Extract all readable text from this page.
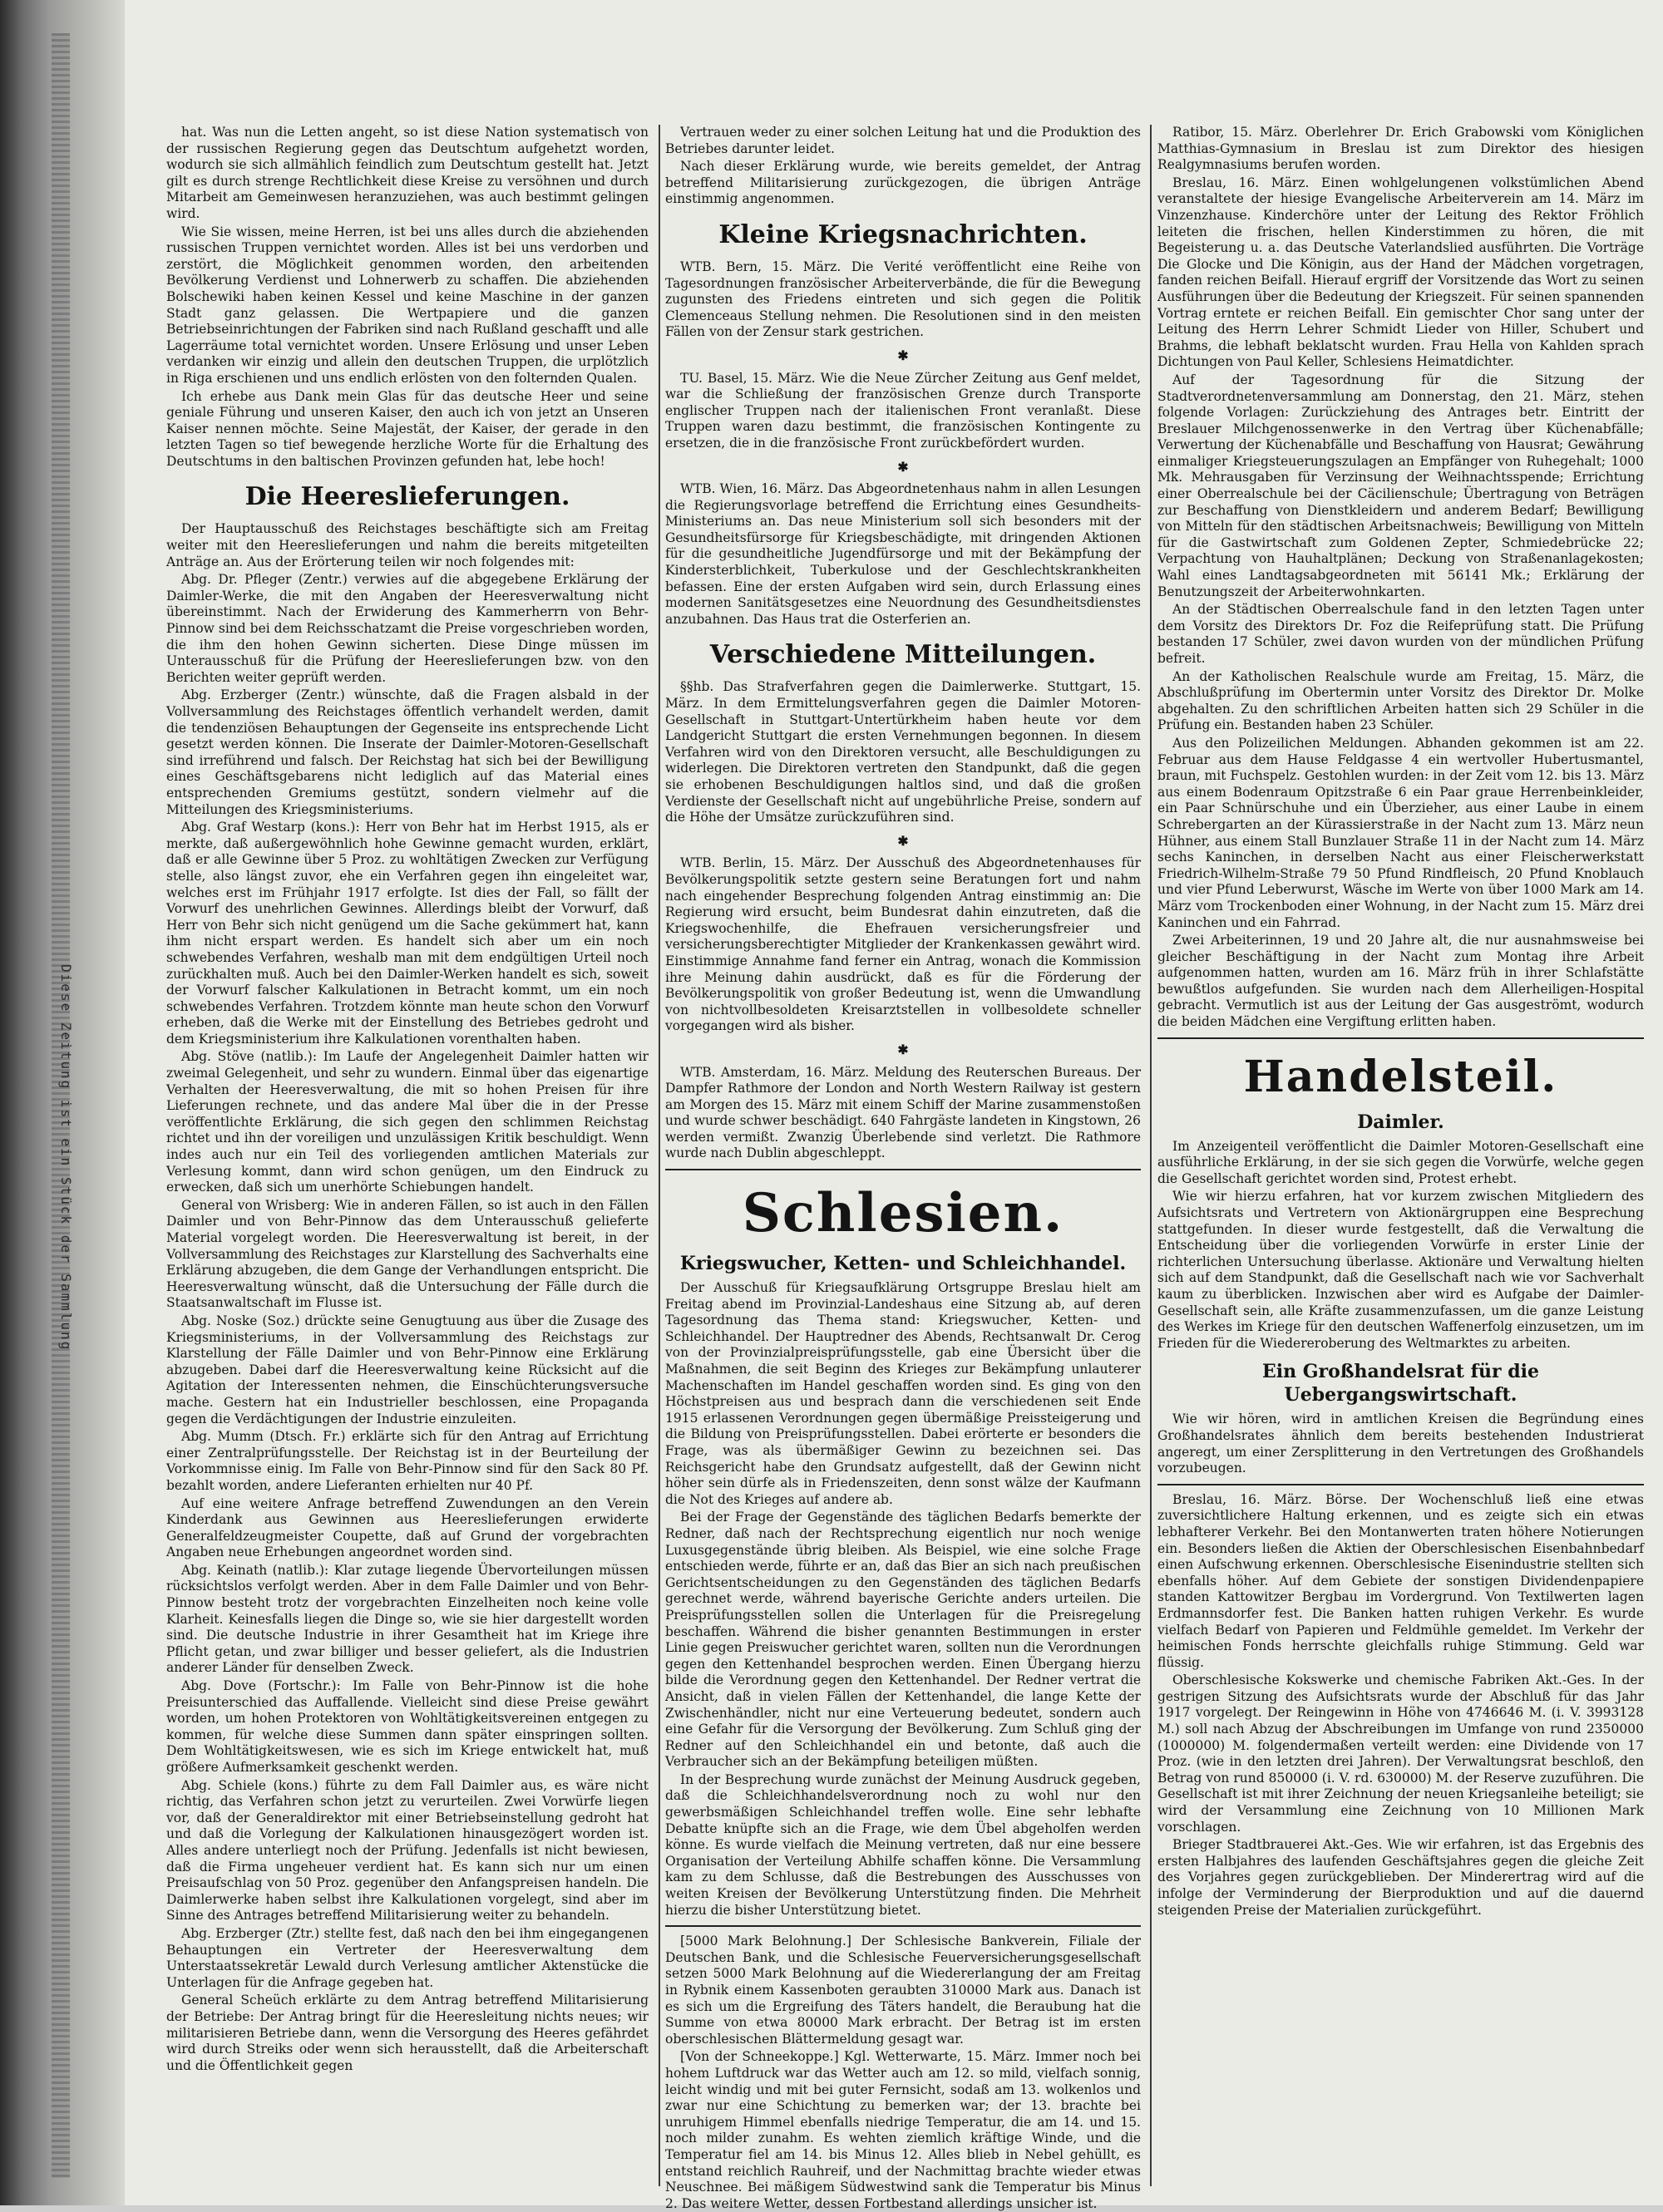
Diese Zeitung ist ein Stück der Sammlung

hat. Was nun die Letten angeht, so ist diese Nation systematisch von der russischen Regierung gegen das Deutschtum aufgehetzt worden, wodurch sie sich allmählich feindlich zum Deutschtum gestellt hat. Jetzt gilt es durch strenge Rechtlichkeit diese Kreise zu versöhnen und durch Mitarbeit am Gemeinwesen heranzuziehen, was auch bestimmt gelingen wird.

Wie Sie wissen, meine Herren, ist bei uns alles durch die abziehenden russischen Truppen vernichtet worden. Alles ist bei uns verdorben und zerstört, die Möglichkeit genommen worden, den arbeitenden Bevölkerung Verdienst und Lohnerwerb zu schaffen. Die abziehenden Bolschewiki haben keinen Kessel und keine Maschine in der ganzen Stadt ganz gelassen. Die Wertpapiere und die ganzen Betriebseinrichtungen der Fabriken sind nach Rußland geschafft und alle Lagerräume total vernichtet worden. Unsere Erlösung und unser Leben verdanken wir einzig und allein den deutschen Truppen, die urplötzlich in Riga erschienen und uns endlich erlösten von den folternden Qualen.

Ich erhebe aus Dank mein Glas für das deutsche Heer und seine geniale Führung und unseren Kaiser, den auch ich von jetzt an Unseren Kaiser nennen möchte. Seine Majestät, der Kaiser, der gerade in den letzten Tagen so tief bewegende herzliche Worte für die Erhaltung des Deutschtums in den baltischen Provinzen gefunden hat, lebe hoch!

Die Heereslieferungen.

Der Hauptausschuß des Reichstages beschäftigte sich am Freitag weiter mit den Heereslieferungen und nahm die bereits mitgeteilten Anträge an. Aus der Erörterung teilen wir noch folgendes mit:

Abg. Dr. Pfleger (Zentr.) verwies auf die abgegebene Erklärung der Daimler-Werke, die mit den Angaben der Heeresverwaltung nicht übereinstimmt. Nach der Erwiderung des Kammerherrn von Behr-Pinnow sind bei dem Reichsschatzamt die Preise vorgeschrieben worden, die ihm den hohen Gewinn sicherten. Diese Dinge müssen im Unterausschuß für die Prüfung der Heereslieferungen bzw. von den Berichten weiter geprüft werden.

Abg. Erzberger (Zentr.) wünschte, daß die Fragen alsbald in der Vollversammlung des Reichstages öffentlich verhandelt werden, damit die tendenziösen Behauptungen der Gegenseite ins entsprechende Licht gesetzt werden können. Die Inserate der Daimler-Motoren-Gesellschaft sind irreführend und falsch. Der Reichstag hat sich bei der Bewilligung eines Geschäftsgebarens nicht lediglich auf das Material eines entsprechenden Gremiums gestützt, sondern vielmehr auf die Mitteilungen des Kriegsministeriums.

Abg. Graf Westarp (kons.): Herr von Behr hat im Herbst 1915, als er merkte, daß außergewöhnlich hohe Gewinne gemacht wurden, erklärt, daß er alle Gewinne über 5 Proz. zu wohltätigen Zwecken zur Verfügung stelle, also längst zuvor, ehe ein Verfahren gegen ihn eingeleitet war, welches erst im Frühjahr 1917 erfolgte. Ist dies der Fall, so fällt der Vorwurf des unehrlichen Gewinnes. Allerdings bleibt der Vorwurf, daß Herr von Behr sich nicht genügend um die Sache gekümmert hat, kann ihm nicht erspart werden. Es handelt sich aber um ein noch schwebendes Verfahren, weshalb man mit dem endgültigen Urteil noch zurückhalten muß. Auch bei den Daimler-Werken handelt es sich, soweit der Vorwurf falscher Kalkulationen in Betracht kommt, um ein noch schwebendes Verfahren. Trotzdem könnte man heute schon den Vorwurf erheben, daß die Werke mit der Einstellung des Betriebes gedroht und dem Kriegsministerium ihre Kalkulationen vorenthalten haben.

Abg. Stöve (natlib.): Im Laufe der Angelegenheit Daimler hatten wir zweimal Gelegenheit, und sehr zu wundern. Einmal über das eigenartige Verhalten der Heeresverwaltung, die mit so hohen Preisen für ihre Lieferungen rechnete, und das andere Mal über die in der Presse veröffentlichte Erklärung, die sich gegen den schlimmen Reichstag richtet und ihn der voreiligen und unzulässigen Kritik beschuldigt. Wenn indes auch nur ein Teil des vorliegenden amtlichen Materials zur Verlesung kommt, dann wird schon genügen, um den Eindruck zu erwecken, daß sich um unerhörte Schiebungen handelt.

General von Wrisberg: Wie in anderen Fällen, so ist auch in den Fällen Daimler und von Behr-Pinnow das dem Unterausschuß gelieferte Material vorgelegt worden. Die Heeresverwaltung ist bereit, in der Vollversammlung des Reichstages zur Klarstellung des Sachverhalts eine Erklärung abzugeben, die dem Gange der Verhandlungen entspricht. Die Heeresverwaltung wünscht, daß die Untersuchung der Fälle durch die Staatsanwaltschaft im Flusse ist.

Abg. Noske (Soz.) drückte seine Genugtuung aus über die Zusage des Kriegsministeriums, in der Vollversammlung des Reichstags zur Klarstellung der Fälle Daimler und von Behr-Pinnow eine Erklärung abzugeben. Dabei darf die Heeresverwaltung keine Rücksicht auf die Agitation der Interessenten nehmen, die Einschüchterungsversuche mache. Gestern hat ein Industrieller beschlossen, eine Propaganda gegen die Verdächtigungen der Industrie einzuleiten.

Abg. Mumm (Dtsch. Fr.) erklärte sich für den Antrag auf Errichtung einer Zentralprüfungsstelle. Der Reichstag ist in der Beurteilung der Vorkommnisse einig. Im Falle von Behr-Pinnow sind für den Sack 80 Pf. bezahlt worden, andere Lieferanten erhielten nur 40 Pf.

Auf eine weitere Anfrage betreffend Zuwendungen an den Verein Kinderdank aus Gewinnen aus Heereslieferungen erwiderte Generalfeldzeugmeister Coupette, daß auf Grund der vorgebrachten Angaben neue Erhebungen angeordnet worden sind.

Abg. Keinath (natlib.): Klar zutage liegende Übervorteilungen müssen rücksichtslos verfolgt werden. Aber in dem Falle Daimler und von Behr-Pinnow besteht trotz der vorgebrachten Einzelheiten noch keine volle Klarheit. Keinesfalls liegen die Dinge so, wie sie hier dargestellt worden sind. Die deutsche Industrie in ihrer Gesamtheit hat im Kriege ihre Pflicht getan, und zwar billiger und besser geliefert, als die Industrien anderer Länder für denselben Zweck.

Abg. Dove (Fortschr.): Im Falle von Behr-Pinnow ist die hohe Preisunterschied das Auffallende. Vielleicht sind diese Preise gewährt worden, um hohen Protektoren von Wohltätigkeitsvereinen entgegen zu kommen, für welche diese Summen dann später einspringen sollten. Dem Wohltätigkeitswesen, wie es sich im Kriege entwickelt hat, muß größere Aufmerksamkeit geschenkt werden.

Abg. Schiele (kons.) führte zu dem Fall Daimler aus, es wäre nicht richtig, das Verfahren schon jetzt zu verurteilen. Zwei Vorwürfe liegen vor, daß der Generaldirektor mit einer Betriebseinstellung gedroht hat und daß die Vorlegung der Kalkulationen hinausgezögert worden ist. Alles andere unterliegt noch der Prüfung. Jedenfalls ist nicht bewiesen, daß die Firma ungeheuer verdient hat. Es kann sich nur um einen Preisaufschlag von 50 Proz. gegenüber den Anfangspreisen handeln. Die Daimlerwerke haben selbst ihre Kalkulationen vorgelegt, sind aber im Sinne des Antrages betreffend Militarisierung weiter zu behandeln.

Abg. Erzberger (Ztr.) stellte fest, daß nach den bei ihm eingegangenen Behauptungen ein Vertreter der Heeresverwaltung dem Unterstaatssekretär Lewald durch Verlesung amtlicher Aktenstücke die Unterlagen für die Anfrage gegeben hat.

General Scheüch erklärte zu dem Antrag betreffend Militarisierung der Betriebe: Der Antrag bringt für die Heeresleitung nichts neues; wir militarisieren Betriebe dann, wenn die Versorgung des Heeres gefährdet wird durch Streiks oder wenn sich herausstellt, daß die Arbeiterschaft und die Öffentlichkeit gegen

Vertrauen weder zu einer solchen Leitung hat und die Produktion des Betriebes darunter leidet.

Nach dieser Erklärung wurde, wie bereits gemeldet, der Antrag betreffend Militarisierung zurückgezogen, die übrigen Anträge einstimmig angenommen.

Kleine Kriegsnachrichten.

WTB. Bern, 15. März. Die Verité veröffentlicht eine Reihe von Tagesordnungen französischer Arbeiterverbände, die für die Bewegung zugunsten des Friedens eintreten und sich gegen die Politik Clemenceaus Stellung nehmen. Die Resolutionen sind in den meisten Fällen von der Zensur stark gestrichen.

✱

TU. Basel, 15. März. Wie die Neue Zürcher Zeitung aus Genf meldet, war die Schließung der französischen Grenze durch Transporte englischer Truppen nach der italienischen Front veranlaßt. Diese Truppen waren dazu bestimmt, die französischen Kontingente zu ersetzen, die in die französische Front zurückbefördert wurden.

✱

WTB. Wien, 16. März. Das Abgeordnetenhaus nahm in allen Lesungen die Regierungsvorlage betreffend die Errichtung eines Gesundheits-Ministeriums an. Das neue Ministerium soll sich besonders mit der Gesundheitsfürsorge für Kriegsbeschädigte, mit dringenden Aktionen für die gesundheitliche Jugendfürsorge und mit der Bekämpfung der Kindersterblichkeit, Tuberkulose und der Geschlechtskrankheiten befassen. Eine der ersten Aufgaben wird sein, durch Erlassung eines modernen Sanitätsgesetzes eine Neuordnung des Gesundheitsdienstes anzubahnen. Das Haus trat die Osterferien an.

Verschiedene Mitteilungen.

§§hb. Das Strafverfahren gegen die Daimlerwerke. Stuttgart, 15. März. In dem Ermittelungsverfahren gegen die Daimler Motoren-Gesellschaft in Stuttgart-Untertürkheim haben heute vor dem Landgericht Stuttgart die ersten Vernehmungen begonnen. In diesem Verfahren wird von den Direktoren versucht, alle Beschuldigungen zu widerlegen. Die Direktoren vertreten den Standpunkt, daß die gegen sie erhobenen Beschuldigungen haltlos sind, und daß die großen Verdienste der Gesellschaft nicht auf ungebührliche Preise, sondern auf die Höhe der Umsätze zurückzuführen sind.

✱

WTB. Berlin, 15. März. Der Ausschuß des Abgeordnetenhauses für Bevölkerungspolitik setzte gestern seine Beratungen fort und nahm nach eingehender Besprechung folgenden Antrag einstimmig an: Die Regierung wird ersucht, beim Bundesrat dahin einzutreten, daß die Kriegswochenhilfe, die Ehefrauen versicherungsfreier und versicherungsberechtigter Mitglieder der Krankenkassen gewährt wird. Einstimmige Annahme fand ferner ein Antrag, wonach die Kommission ihre Meinung dahin ausdrückt, daß es für die Förderung der Bevölkerungspolitik von großer Bedeutung ist, wenn die Umwandlung von nichtvollbesoldeten Kreisarztstellen in vollbesoldete schneller vorgegangen wird als bisher.

✱

WTB. Amsterdam, 16. März. Meldung des Reuterschen Bureaus. Der Dampfer Rathmore der London and North Western Railway ist gestern am Morgen des 15. März mit einem Schiff der Marine zusammenstoßen und wurde schwer beschädigt. 640 Fahrgäste landeten in Kingstown, 26 werden vermißt. Zwanzig Überlebende sind verletzt. Die Rathmore wurde nach Dublin abgeschleppt.

Schlesien.
Kriegswucher, Ketten- und Schleichhandel.

Der Ausschuß für Kriegsaufklärung Ortsgruppe Breslau hielt am Freitag abend im Provinzial-Landeshaus eine Sitzung ab, auf deren Tagesordnung das Thema stand: Kriegswucher, Ketten- und Schleichhandel. Der Hauptredner des Abends, Rechtsanwalt Dr. Cerog von der Provinzialpreisprüfungsstelle, gab eine Übersicht über die Maßnahmen, die seit Beginn des Krieges zur Bekämpfung unlauterer Machenschaften im Handel geschaffen worden sind. Es ging von den Höchstpreisen aus und besprach dann die verschiedenen seit Ende 1915 erlassenen Verordnungen gegen übermäßige Preissteigerung und die Bildung von Preisprüfungsstellen. Dabei erörterte er besonders die Frage, was als übermäßiger Gewinn zu bezeichnen sei. Das Reichsgericht habe den Grundsatz aufgestellt, daß der Gewinn nicht höher sein dürfe als in Friedenszeiten, denn sonst wälze der Kaufmann die Not des Krieges auf andere ab.

Bei der Frage der Gegenstände des täglichen Bedarfs bemerkte der Redner, daß nach der Rechtsprechung eigentlich nur noch wenige Luxusgegenstände übrig bleiben. Als Beispiel, wie eine solche Frage entschieden werde, führte er an, daß das Bier an sich nach preußischen Gerichtsentscheidungen zu den Gegenständen des täglichen Bedarfs gerechnet werde, während bayerische Gerichte anders urteilen. Die Preisprüfungsstellen sollen die Unterlagen für die Preisregelung beschaffen. Während die bisher genannten Bestimmungen in erster Linie gegen Preiswucher gerichtet waren, sollten nun die Verordnungen gegen den Kettenhandel besprochen werden. Einen Übergang hierzu bilde die Verordnung gegen den Kettenhandel. Der Redner vertrat die Ansicht, daß in vielen Fällen der Kettenhandel, die lange Kette der Zwischenhändler, nicht nur eine Verteuerung bedeutet, sondern auch eine Gefahr für die Versorgung der Bevölkerung. Zum Schluß ging der Redner auf den Schleichhandel ein und betonte, daß auch die Verbraucher sich an der Bekämpfung beteiligen müßten.

In der Besprechung wurde zunächst der Meinung Ausdruck gegeben, daß die Schleichhandelsverordnung noch zu wohl nur den gewerbsmäßigen Schleichhandel treffen wolle. Eine sehr lebhafte Debatte knüpfte sich an die Frage, wie dem Übel abgeholfen werden könne. Es wurde vielfach die Meinung vertreten, daß nur eine bessere Organisation der Verteilung Abhilfe schaffen könne. Die Versammlung kam zu dem Schlusse, daß die Bestrebungen des Ausschusses von weiten Kreisen der Bevölkerung Unterstützung finden. Die Mehrheit hierzu die bisher Unterstützung bietet.

[5000 Mark Belohnung.] Der Schlesische Bankverein, Filiale der Deutschen Bank, und die Schlesische Feuerversicherungsgesellschaft setzen 5000 Mark Belohnung auf die Wiedererlangung der am Freitag in Rybnik einem Kassenboten geraubten 310000 Mark aus. Danach ist es sich um die Ergreifung des Täters handelt, die Beraubung hat die Summe von etwa 80000 Mark erbracht. Der Betrag ist im ersten oberschlesischen Blättermeldung gesagt war.

[Von der Schneekoppe.] Kgl. Wetterwarte, 15. März. Immer noch bei hohem Luftdruck war das Wetter auch am 12. so mild, vielfach sonnig, leicht windig und mit bei guter Fernsicht, sodaß am 13. wolkenlos und zwar nur eine Schichtung zu bemerken war; der 13. brachte bei unruhigem Himmel ebenfalls niedrige Temperatur, die am 14. und 15. noch milder zunahm. Es wehten ziemlich kräftige Winde, und die Temperatur fiel am 14. bis Minus 12. Alles blieb in Nebel gehüllt, es entstand reichlich Rauhreif, und der Nachmittag brachte wieder etwas Neuschnee. Bei mäßigem Südwestwind sank die Temperatur bis Minus 2. Das weitere Wetter, dessen Fortbestand allerdings unsicher ist.

Ratibor, 15. März. Oberlehrer Dr. Erich Grabowski vom Königlichen Matthias-Gymnasium in Breslau ist zum Direktor des hiesigen Realgymnasiums berufen worden.

Breslau, 16. März. Einen wohlgelungenen volkstümlichen Abend veranstaltete der hiesige Evangelische Arbeiterverein am 14. März im Vinzenzhause. Kinderchöre unter der Leitung des Rektor Fröhlich leiteten die frischen, hellen Kinderstimmen zu hören, die mit Begeisterung u. a. das Deutsche Vaterlandslied ausführten. Die Vorträge Die Glocke und Die Königin, aus der Hand der Mädchen vorgetragen, fanden reichen Beifall. Hierauf ergriff der Vorsitzende das Wort zu seinen Ausführungen über die Bedeutung der Kriegszeit. Für seinen spannenden Vortrag erntete er reichen Beifall. Ein gemischter Chor sang unter der Leitung des Herrn Lehrer Schmidt Lieder von Hiller, Schubert und Brahms, die lebhaft beklatscht wurden. Frau Hella von Kahlden sprach Dichtungen von Paul Keller, Schlesiens Heimatdichter.

Auf der Tagesordnung für die Sitzung der Stadtverordnetenversammlung am Donnerstag, den 21. März, stehen folgende Vorlagen: Zurückziehung des Antrages betr. Eintritt der Breslauer Milchgenossenwerke in den Vertrag über Küchenabfälle; Verwertung der Küchenabfälle und Beschaffung von Hausrat; Gewährung einmaliger Kriegsteuerungszulagen an Empfänger von Ruhegehalt; 1000 Mk. Mehrausgaben für Verzinsung der Weihnachtsspende; Errichtung einer Oberrealschule bei der Cäcilienschule; Übertragung von Beträgen zur Beschaffung von Dienstkleidern und anderem Bedarf; Bewilligung von Mitteln für den städtischen Arbeitsnachweis; Bewilligung von Mitteln für die Gastwirtschaft zum Goldenen Zepter, Schmiedebrücke 22; Verpachtung von Hauhaltplänen; Deckung von Straßenanlagekosten; Wahl eines Landtagsabgeordneten mit 56141 Mk.; Erklärung der Benutzungszeit der Arbeiterwohnkarten.

An der Städtischen Oberrealschule fand in den letzten Tagen unter dem Vorsitz des Direktors Dr. Foz die Reifeprüfung statt. Die Prüfung bestanden 17 Schüler, zwei davon wurden von der mündlichen Prüfung befreit.

An der Katholischen Realschule wurde am Freitag, 15. März, die Abschlußprüfung im Obertermin unter Vorsitz des Direktor Dr. Molke abgehalten. Zu den schriftlichen Arbeiten hatten sich 29 Schüler in die Prüfung ein. Bestanden haben 23 Schüler.

Aus den Polizeilichen Meldungen. Abhanden gekommen ist am 22. Februar aus dem Hause Feldgasse 4 ein wertvoller Hubertusmantel, braun, mit Fuchspelz. Gestohlen wurden: in der Zeit vom 12. bis 13. März aus einem Bodenraum Opitzstraße 6 ein Paar graue Herrenbeinkleider, ein Paar Schnürschuhe und ein Überzieher, aus einer Laube in einem Schrebergarten an der Kürassierstraße in der Nacht zum 13. März neun Hühner, aus einem Stall Bunzlauer Straße 11 in der Nacht zum 14. März sechs Kaninchen, in derselben Nacht aus einer Fleischerwerkstatt Friedrich-Wilhelm-Straße 79 50 Pfund Rindfleisch, 20 Pfund Knoblauch und vier Pfund Leberwurst, Wäsche im Werte von über 1000 Mark am 14. März vom Trockenboden einer Wohnung, in der Nacht zum 15. März drei Kaninchen und ein Fahrrad.

Zwei Arbeiterinnen, 19 und 20 Jahre alt, die nur ausnahmsweise bei gleicher Beschäftigung in der Nacht zum Montag ihre Arbeit aufgenommen hatten, wurden am 16. März früh in ihrer Schlafstätte bewußtlos aufgefunden. Sie wurden nach dem Allerheiligen-Hospital gebracht. Vermutlich ist aus der Leitung der Gas ausgeströmt, wodurch die beiden Mädchen eine Vergiftung erlitten haben.

Handelsteil.
Daimler.

Im Anzeigenteil veröffentlicht die Daimler Motoren-Gesellschaft eine ausführliche Erklärung, in der sie sich gegen die Vorwürfe, welche gegen die Gesellschaft gerichtet worden sind, Protest erhebt.

Wie wir hierzu erfahren, hat vor kurzem zwischen Mitgliedern des Aufsichtsrats und Vertretern von Aktionärgruppen eine Besprechung stattgefunden. In dieser wurde festgestellt, daß die Verwaltung die Entscheidung über die vorliegenden Vorwürfe in erster Linie der richterlichen Untersuchung überlasse. Aktionäre und Verwaltung hielten sich auf dem Standpunkt, daß die Gesellschaft nach wie vor Sachverhalt kaum zu überblicken. Inzwischen aber wird es Aufgabe der Daimler-Gesellschaft sein, alle Kräfte zusammenzufassen, um die ganze Leistung des Werkes im Kriege für den deutschen Waffenerfolg einzusetzen, um im Frieden für die Wiedereroberung des Weltmarktes zu arbeiten.

Ein Großhandelsrat für die Uebergangswirtschaft.

Wie wir hören, wird in amtlichen Kreisen die Begründung eines Großhandelsrates ähnlich dem bereits bestehenden Industrierat angeregt, um einer Zersplitterung in den Vertretungen des Großhandels vorzubeugen.

Breslau, 16. März. Börse. Der Wochenschluß ließ eine etwas zuversichtlichere Haltung erkennen, und es zeigte sich ein etwas lebhafterer Verkehr. Bei den Montanwerten traten höhere Notierungen ein. Besonders ließen die Aktien der Oberschlesischen Eisenbahnbedarf einen Aufschwung erkennen. Oberschlesische Eisenindustrie stellten sich ebenfalls höher. Auf dem Gebiete der sonstigen Dividendenpapiere standen Kattowitzer Bergbau im Vordergrund. Von Textilwerten lagen Erdmannsdorfer fest. Die Banken hatten ruhigen Verkehr. Es wurde vielfach Bedarf von Papieren und Feldmühle gemeldet. Im Verkehr der heimischen Fonds herrschte gleichfalls ruhige Stimmung. Geld war flüssig.

Oberschlesische Kokswerke und chemische Fabriken Akt.-Ges. In der gestrigen Sitzung des Aufsichtsrats wurde der Abschluß für das Jahr 1917 vorgelegt. Der Reingewinn in Höhe von 4746646 M. (i. V. 3993128 M.) soll nach Abzug der Abschreibungen im Umfange von rund 2350000 (1000000) M. folgendermaßen verteilt werden: eine Dividende von 17 Proz. (wie in den letzten drei Jahren). Der Verwaltungsrat beschloß, den Betrag von rund 850000 (i. V. rd. 630000) M. der Reserve zuzuführen. Die Gesellschaft ist mit ihrer Zeichnung der neuen Kriegsanleihe beteiligt; sie wird der Versammlung eine Zeichnung von 10 Millionen Mark vorschlagen.

Brieger Stadtbrauerei Akt.-Ges. Wie wir erfahren, ist das Ergebnis des ersten Halbjahres des laufenden Geschäftsjahres gegen die gleiche Zeit des Vorjahres gegen zurückgeblieben. Der Minderertrag wird auf die infolge der Verminderung der Bierproduktion und auf die dauernd steigenden Preise der Materialien zurückgeführt.
